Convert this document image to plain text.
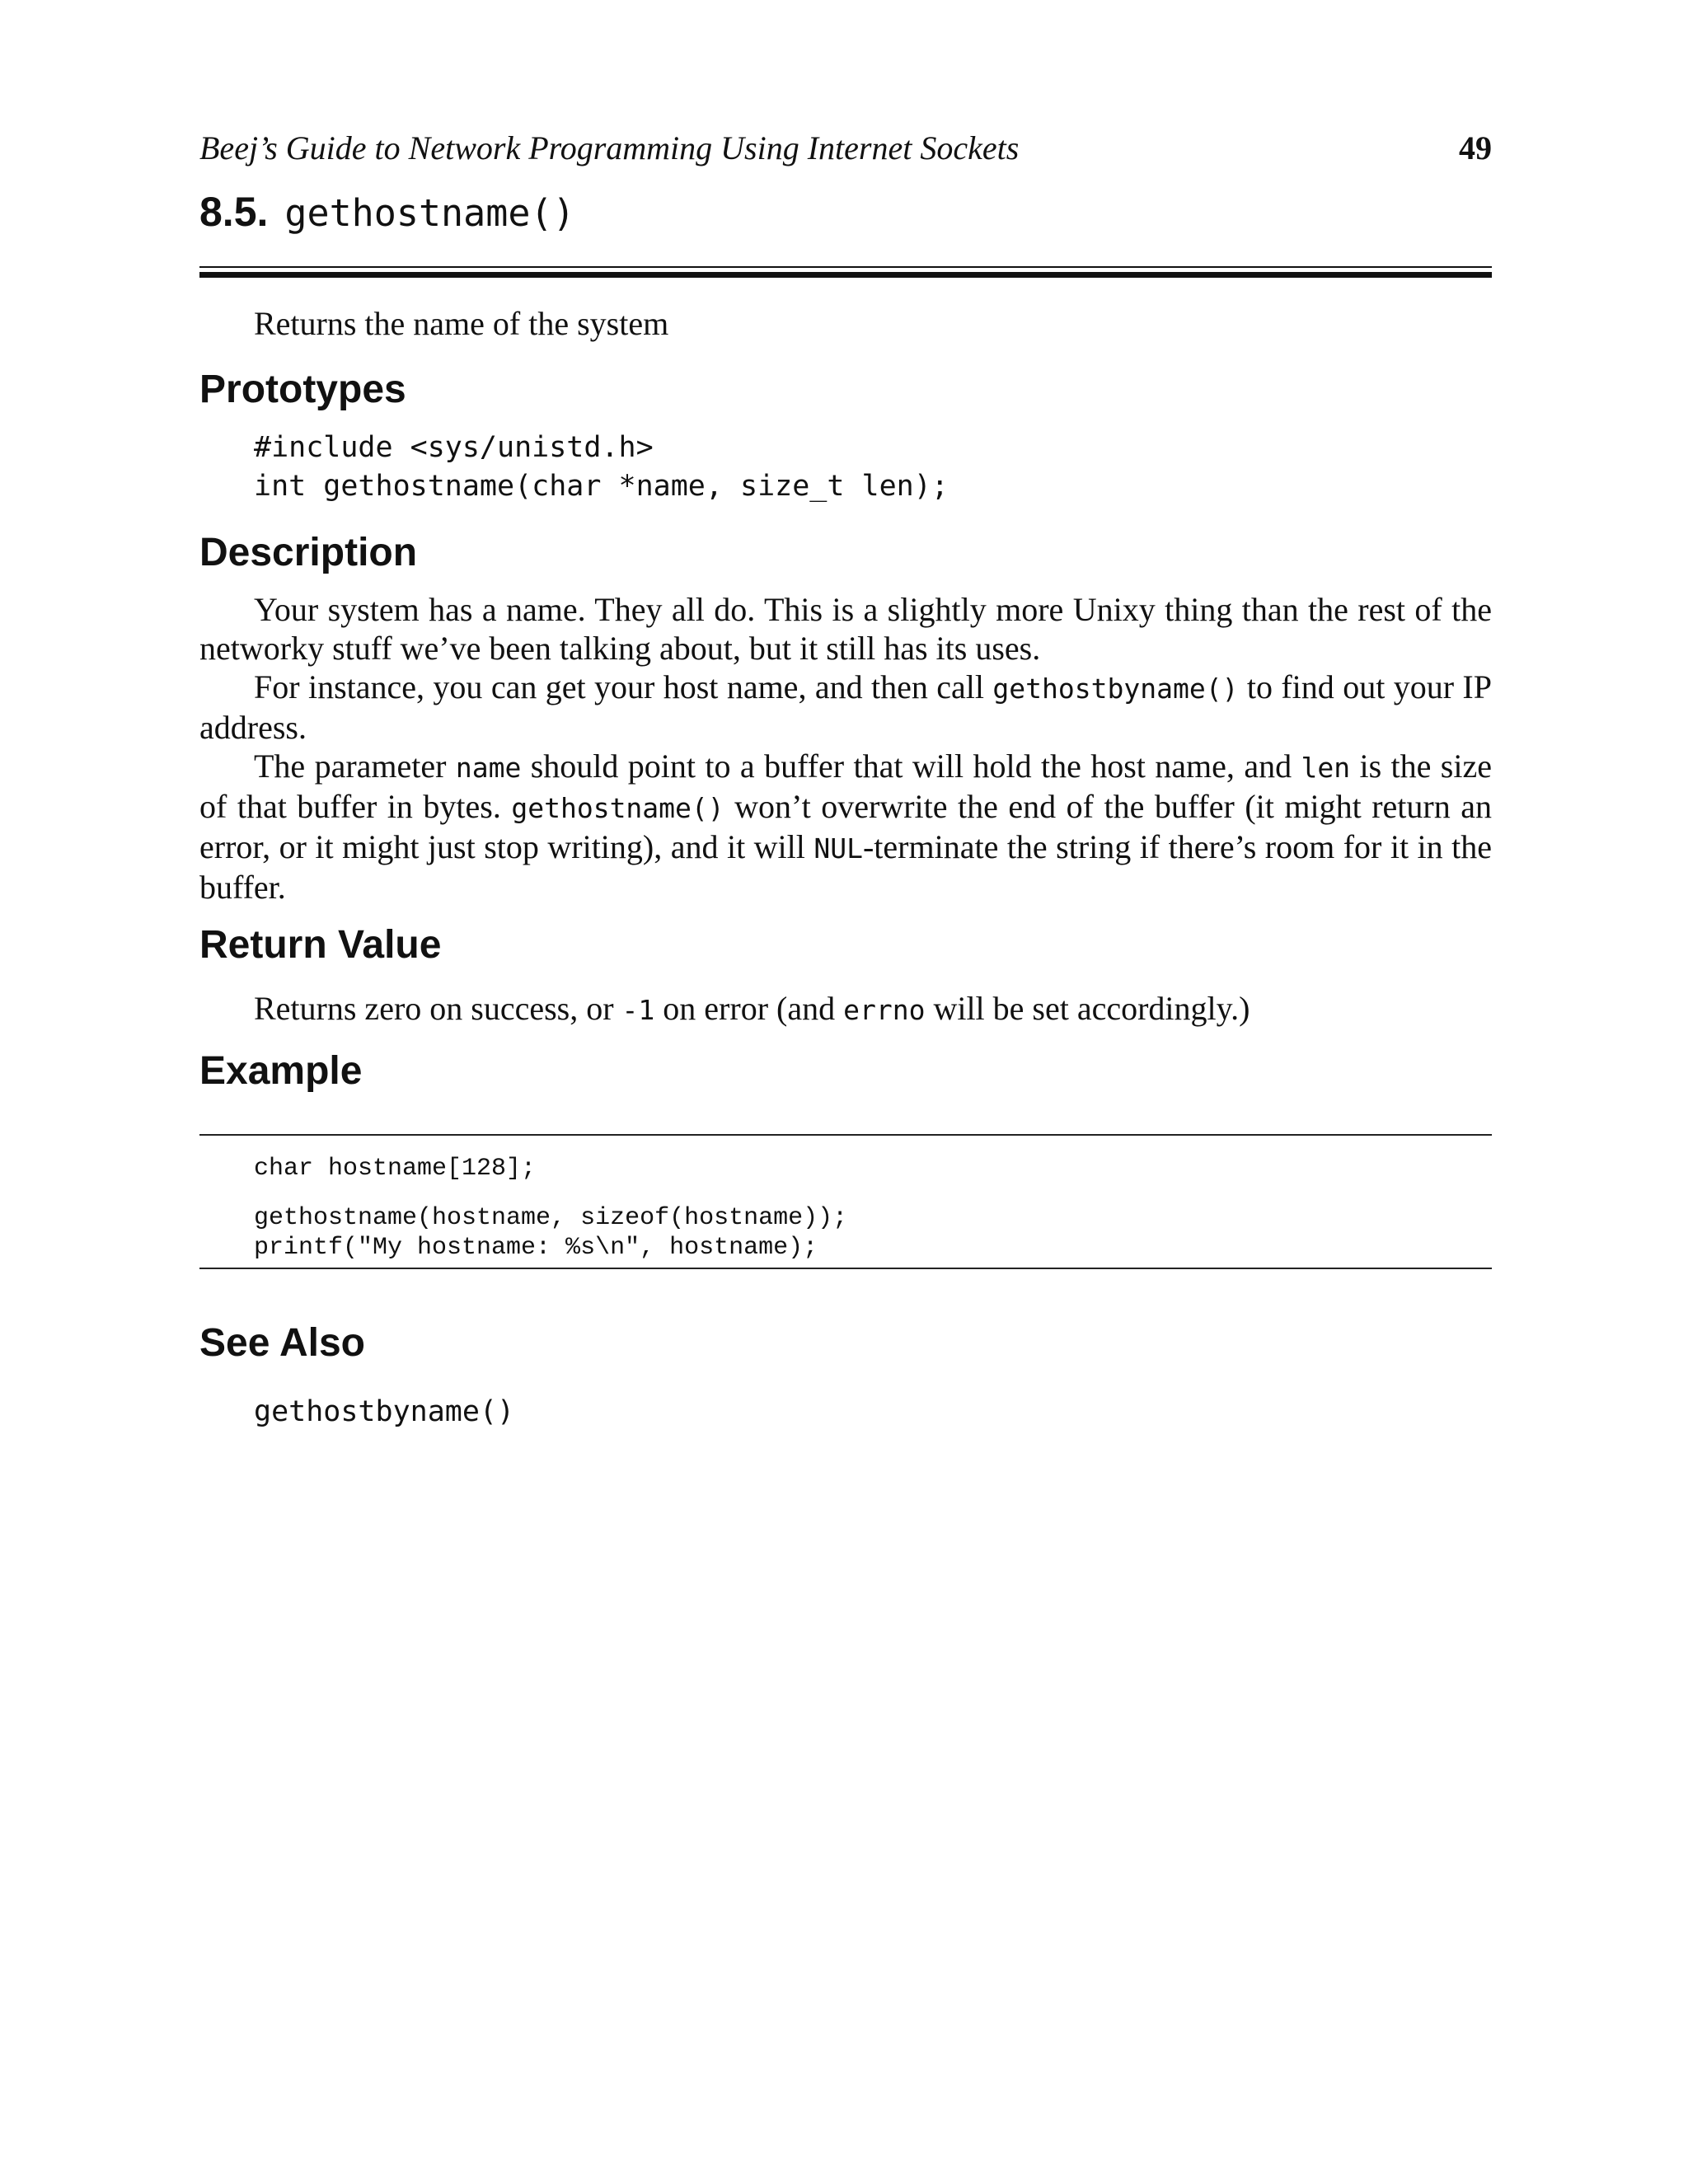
Beej’s Guide to Network Programming Using Internet Sockets	49
8.5. gethostname()
Returns the name of the system
Prototypes
#include <sys/unistd.h>
int gethostname(char *name, size_t len);
Description

Your system has a name. They all do. This is a slightly more Unixy thing than the rest of the networky stuff we’ve been talking about, but it still has its uses.

For instance, you can get your host name, and then call gethostbyname() to find out your IP address.

The parameter name should point to a buffer that will hold the host name, and len is the size of that buffer in bytes. gethostname() won’t overwrite the end of the buffer (it might return an error, or it might just stop writing), and it will NUL-terminate the string if there’s room for it in the buffer.

Return Value
Returns zero on success, or -1 on error (and errno will be set accordingly.)
Example
char hostname[128];
gethostname(hostname, sizeof(hostname));
printf("My hostname: %s\n", hostname);
See Also
gethostbyname()
